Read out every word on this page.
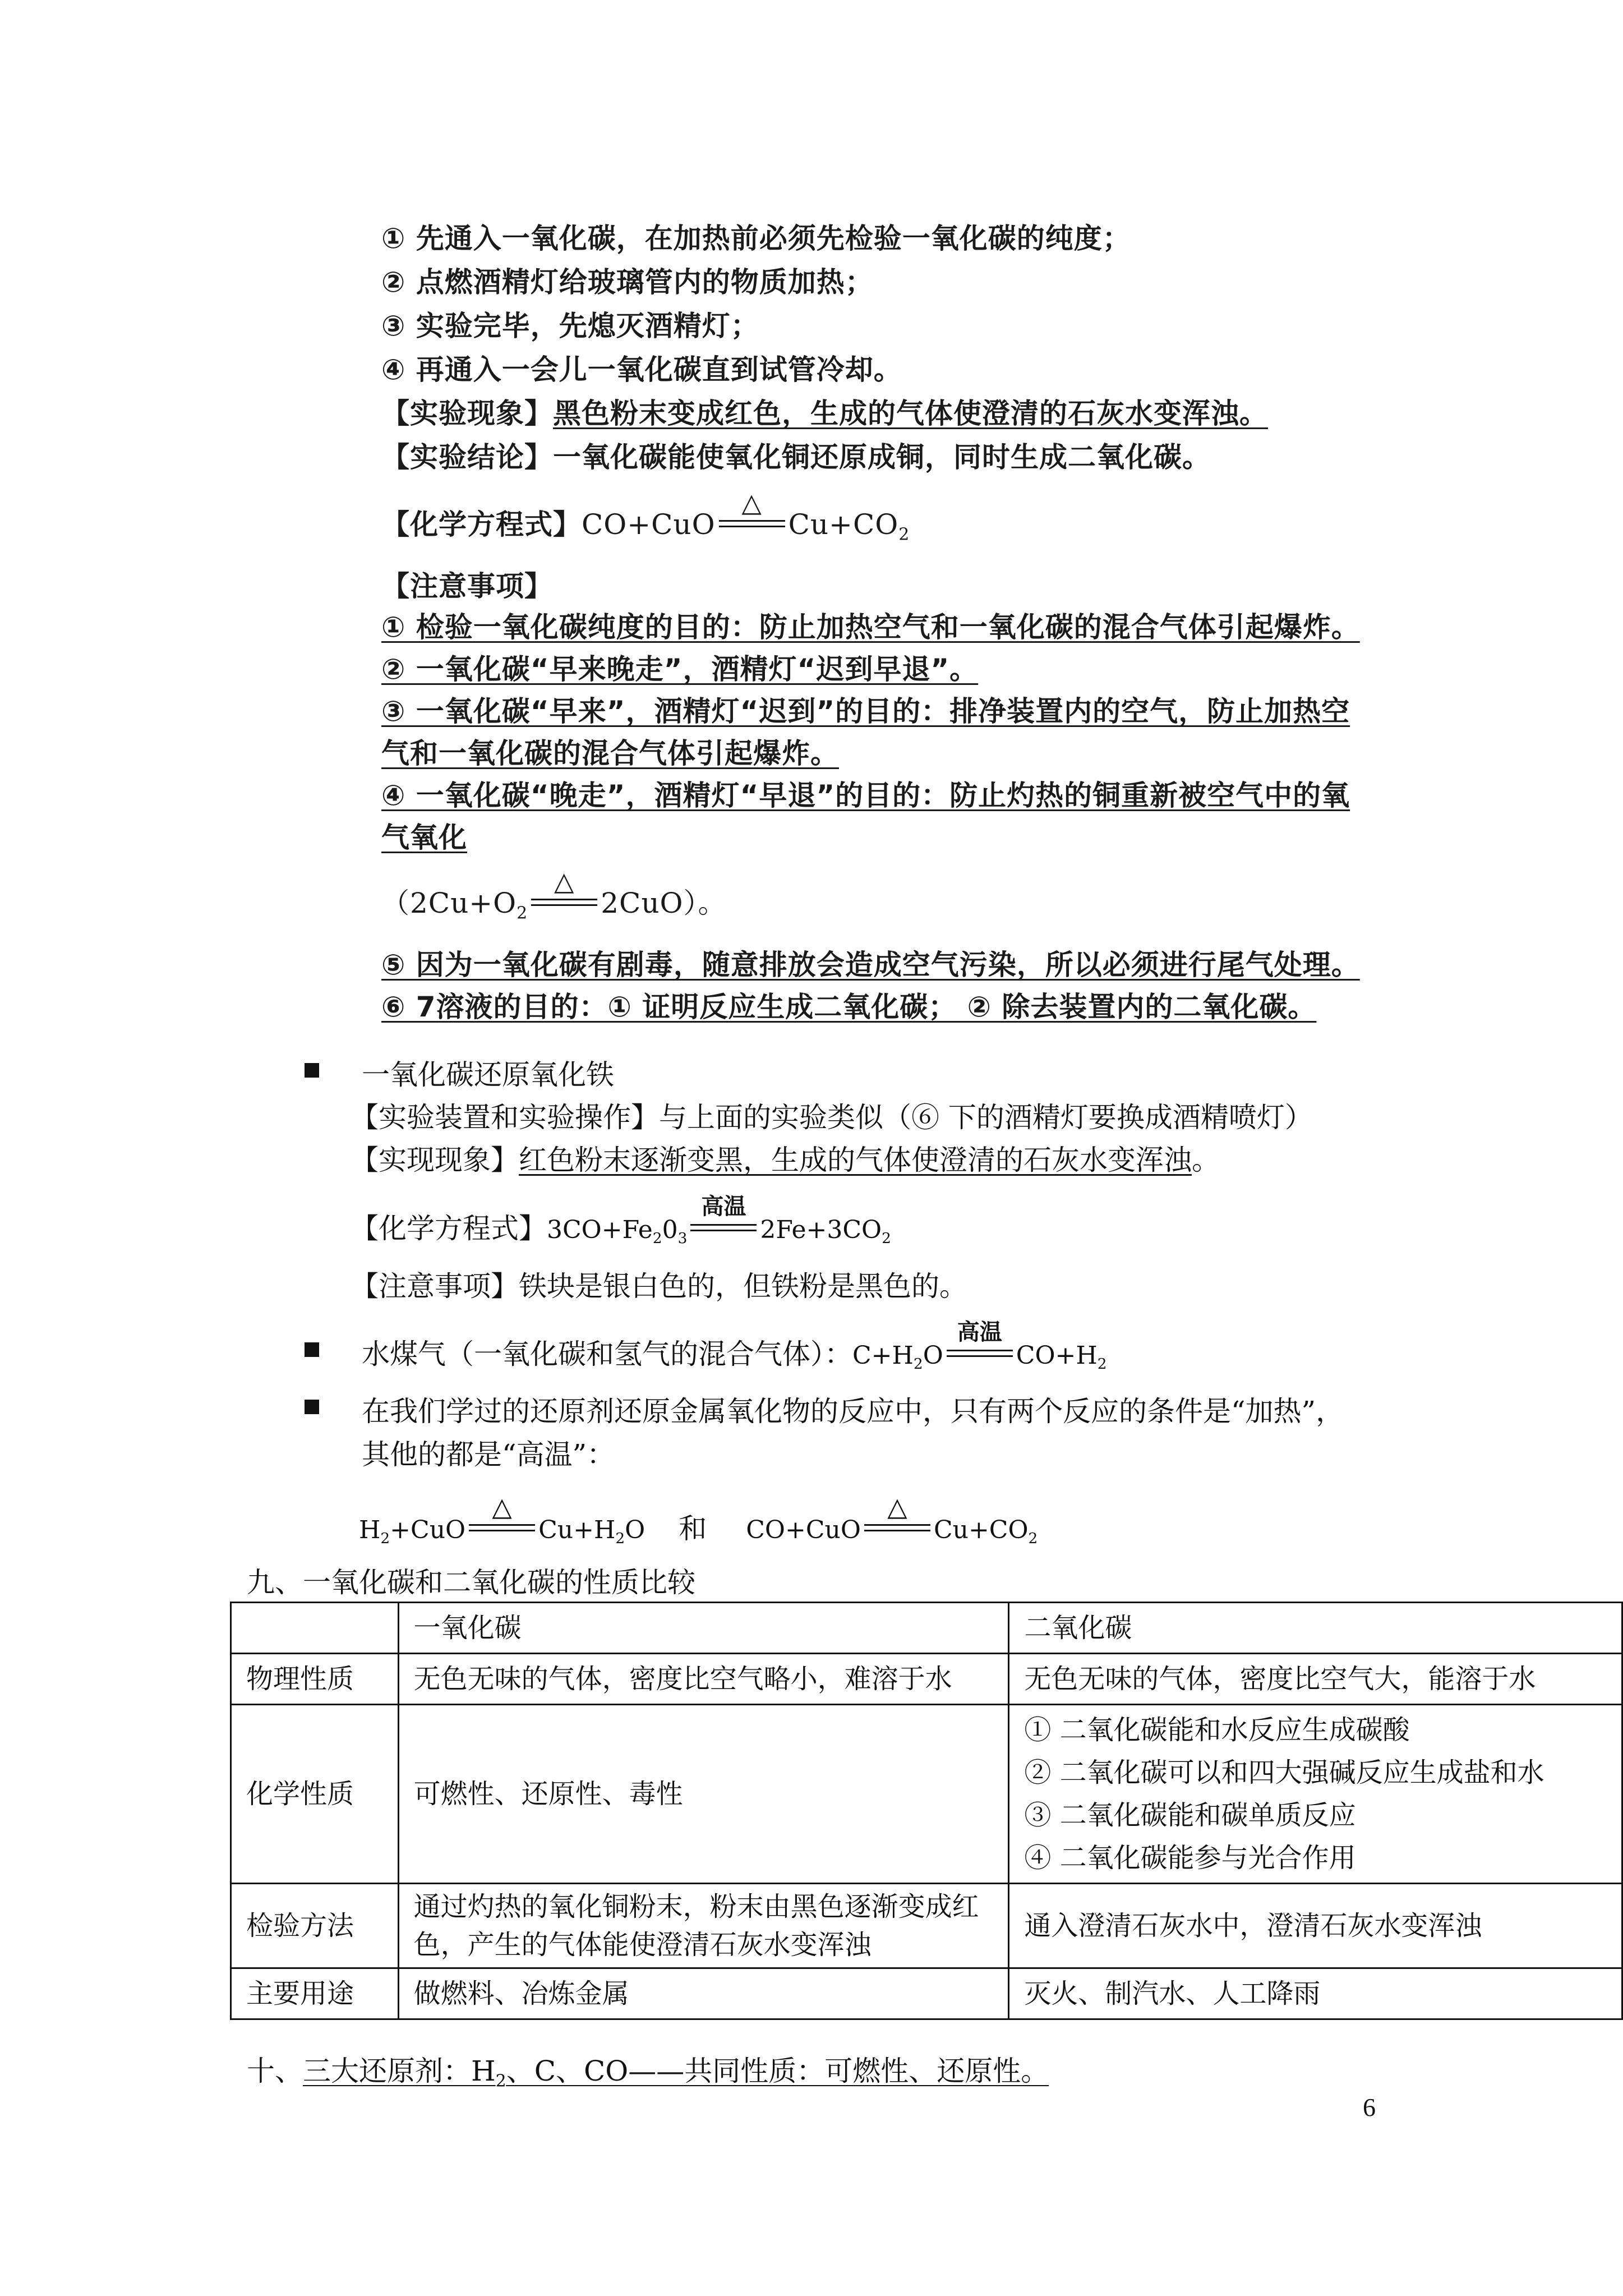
① 先通入一氧化碳，在加热前必须先检验一氧化碳的纯度；
② 点燃酒精灯给玻璃管内的物质加热；
③ 实验完毕，先熄灭酒精灯；
④ 再通入一会儿一氧化碳直到试管冷却。
【实验现象】黑色粉末变成红色，生成的气体使澄清的石灰水变浑浊。
【实验结论】一氧化碳能使氧化铜还原成铜，同时生成二氧化碳。
【化学方程式】CO+CuO
△
$Cu+CO_2$
【注意事项】
① 检验一氧化碳纯度的目的：防止加热空气和一氧化碳的混合气体引起爆炸。
② 一氧化碳“早来晚走”，酒精灯“迟到早退”。
③ 一氧化碳“早来”，酒精灯“迟到”的目的：排净装置内的空气，防止加热空
气和一氧化碳的混合气体引起爆炸。
④ 一氧化碳“晚走”，酒精灯“早退”的目的：防止灼热的铜重新被空气中的氧
气氧化
（$2Cu+O_2$
△
2CuO）。
⑤ 因为一氧化碳有剧毒，随意排放会造成空气污染，所以必须进行尾气处理。
⑥ 7溶液的目的：① 证明反应生成二氧化碳； ② 除去装置内的二氧化碳。
一氧化碳还原氧化铁
【实验装置和实验操作】与上面的实验类似（⑥ 下的酒精灯要换成酒精喷灯）
【实现现象】红色粉末逐渐变黑，生成的气体使澄清的石灰水变浑浊。
【化学方程式】$3CO+Fe_20_3$
高温
$2Fe+3CO_2$
【注意事项】铁块是银白色的，但铁粉是黑色的。
水煤气（一氧化碳和氢气的混合气体）：$C+H_2O$
高温
$CO+H_2$
在我们学过的还原剂还原金属氧化物的反应中，只有两个反应的条件是“加热”，
其他的都是“高温”：
$H_2+CuO$
△
$Cu+H_2O$ 和 CO+CuO
△
$Cu+CO_2$
九、一氧化碳和二氧化碳的性质比较
	一氧化碳	二氧化碳
物理性质	无色无味的气体，密度比空气略小，难溶于水	无色无味的气体，密度比空气大，能溶于水
化学性质	可燃性、还原性、毒性	① 二氧化碳能和水反应生成碳酸
② 二氧化碳可以和四大强碱反应生成盐和水
③ 二氧化碳能和碳单质反应
④ 二氧化碳能参与光合作用

检验方法	通过灼热的氧化铜粉末，粉末由黑色逐渐变成红
色，产生的气体能使澄清石灰水变浑浊	通入澄清石灰水中，澄清石灰水变浑浊
主要用途	做燃料、冶炼金属	灭火、制汽水、人工降雨
十、三大还原剂：$H_2$、C、CO——共同性质：可燃性、还原性。
6
